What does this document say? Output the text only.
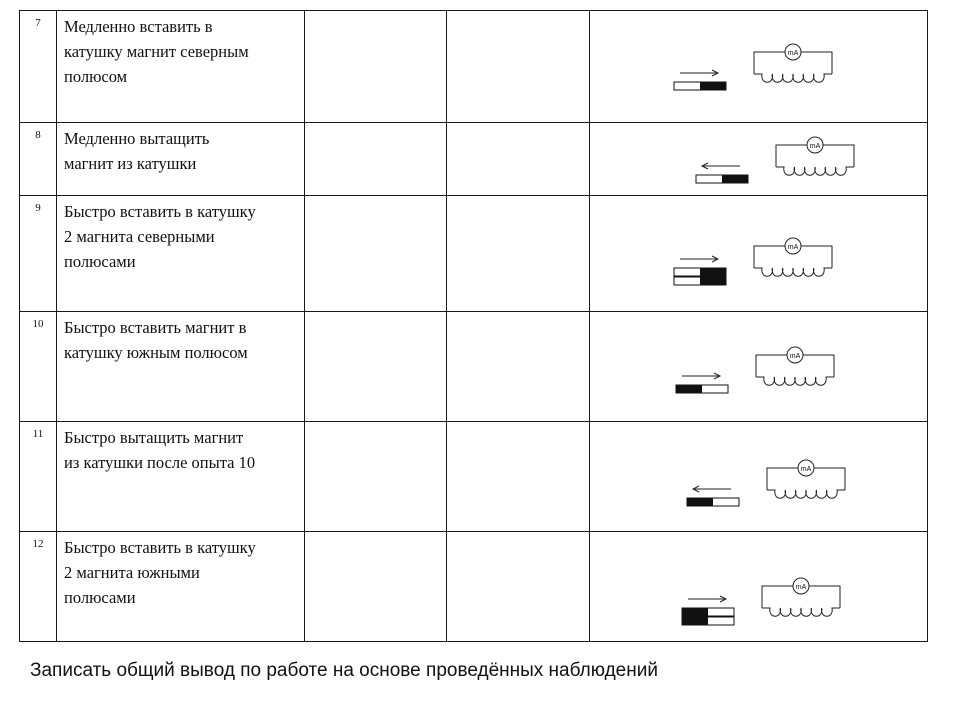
7	Медленно вставить в
катушку магнит северным
полюсом			mA

8	Медленно вытащить
магнит из катушки			mA

9	Быстро вставить в катушку
2 магнита северными
полюсами			mA

10	Быстро вставить магнит в
катушку южным полюсом			mA

11	Быстро вытащить магнит
из катушки после опыта 10			mA

12	Быстро вставить в катушку
2 магнита южными
полюсами			mA
Записать общий вывод по работе на основе проведённых наблюдений
